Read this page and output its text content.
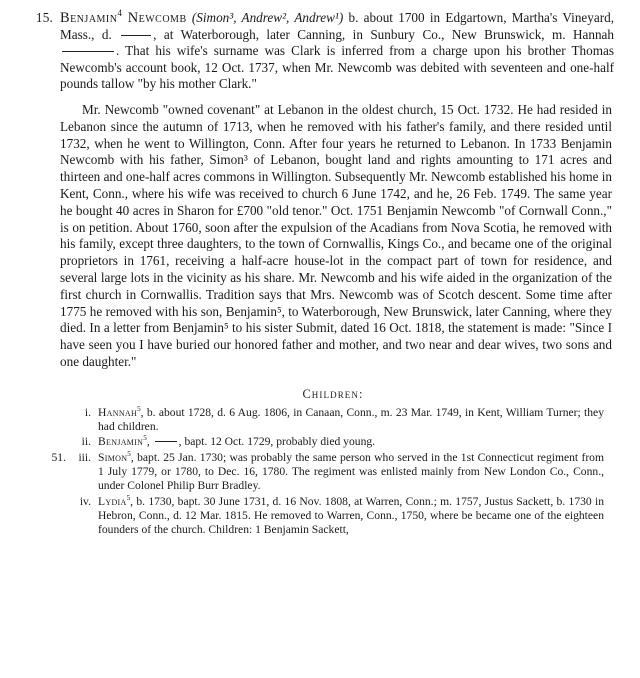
15. Benjamin$^4$ Newcomb (Simon³, Andrew², Andrew¹) b. about 1700 in Edgartown, Martha's Vineyard, Mass., d.	, at Waterborough, later Canning, in Sunbury Co., New Brunswick, m. Hannah . That his wife's surname was Clark is inferred from a charge upon his brother Thomas Newcomb's account book, 12 Oct. 1737, when Mr. Newcomb was debited with seventeen and one-half pounds tallow "by his mother Clark."
Mr. Newcomb "owned covenant" at Lebanon in the oldest church, 15 Oct. 1732. He had resided in Lebanon since the autumn of 1713, when he removed with his father's family, and there resided until 1732, when he went to Willington, Conn. After four years he returned to Lebanon. In 1733 Benjamin Newcomb with his father, Simon³ of Lebanon, bought land and rights amounting to 171 acres and thirteen and one-half acres commons in Willington. Subsequently Mr. Newcomb established his home in Kent, Conn., where his wife was received to church 6 June 1742, and he, 26 Feb. 1749. The same year he bought 40 acres in Sharon for £700 "old tenor." Oct. 1751 Benjamin Newcomb "of Cornwall Conn.," is on petition. About 1760, soon after the expulsion of the Acadians from Nova Scotia, he removed with his family, except three daughters, to the town of Cornwallis, Kings Co., and became one of the original proprietors in 1761, receiving a half-acre house-lot in the compact part of town for residence, and several large lots in the vicinity as his share. Mr. Newcomb and his wife aided in the organization of the first church in Cornwallis. Tradition says that Mrs. Newcomb was of Scotch descent. Some time after 1775 he removed with his son, Benjamin⁵, to Waterborough, New Brunswick, later Canning, where they died. In a letter from Benjamin⁵ to his sister Submit, dated 16 Oct. 1818, the statement is made: "Since I have seen you I have buried our honored father and mother, and two near and dear wives, two sons and one daughter."
Children:
i. Hannah$^5$, b. about 1728, d. 6 Aug. 1806, in Canaan, Conn., m. 23 Mar. 1749, in Kent, William Turner; they had children.
ii. Benjamin$^5$, , bapt. 12 Oct. 1729, probably died young.
51.	iii. Simon$^5$, bapt. 25 Jan. 1730; was probably the same person who served in the 1st Connecticut regiment from 1 July 1779, or 1780, to Dec. 16, 1780. The regiment was enlisted mainly from New London Co., Conn., under Colonel Philip Burr Bradley.
iv. Lydia$^5$, b. 1730, bapt. 30 June 1731, d. 16 Nov. 1808, at Warren, Conn.; m. 1757, Justus Sackett, b. 1730 in Hebron, Conn., d. 12 Mar. 1815. He removed to Warren, Conn., 1750, where be became one of the eighteen founders of the church. Children: 1 Benjamin Sackett,
